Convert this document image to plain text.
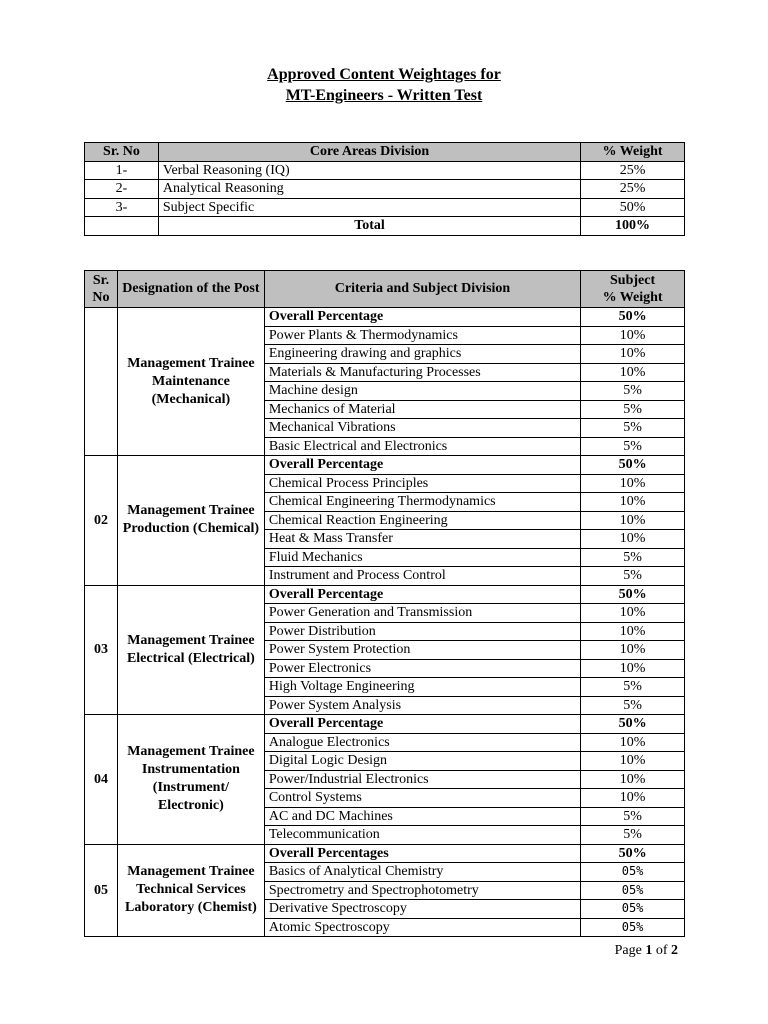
Approved Content Weightages for
MT-Engineers - Written Test
Sr. No	Core Areas Division	% Weight
1-	Verbal Reasoning (IQ)	25%
2-	Analytical Reasoning	25%
3-	Subject Specific	50%
	Total	100%
Sr. No	Designation of the Post	Criteria and Subject Division	Subject
% Weight

	Management Trainee Maintenance (Mechanical)	Overall Percentage	50%
		Power Plants & Thermodynamics	10%
		Engineering drawing and graphics	10%
		Materials & Manufacturing Processes	10%
		Machine design	5%
		Mechanics of Material	5%
		Mechanical Vibrations	5%
		Basic Electrical and Electronics	5%
02	Management Trainee Production (Chemical)	Overall Percentage	50%
		Chemical Process Principles	10%
		Chemical Engineering Thermodynamics	10%
		Chemical Reaction Engineering	10%
		Heat & Mass Transfer	10%
		Fluid Mechanics	5%
		Instrument and Process Control	5%
03	Management Trainee Electrical (Electrical)	Overall Percentage	50%
		Power Generation and Transmission	10%
		Power Distribution	10%
		Power System Protection	10%
		Power Electronics	10%
		High Voltage Engineering	5%
		Power System Analysis	5%
04	Management Trainee Instrumentation (Instrument/ Electronic)	Overall Percentage	50%
		Analogue Electronics	10%
		Digital Logic Design	10%
		Power/Industrial Electronics	10%
		Control Systems	10%
		AC and DC Machines	5%
		Telecommunication	5%
05	Management Trainee Technical Services Laboratory (Chemist)	Overall Percentages	50%
		Basics of Analytical Chemistry	05%
		Spectrometry and Spectrophotometry	05%
		Derivative Spectroscopy	05%
		Atomic Spectroscopy	05%
Page 1 of 2
